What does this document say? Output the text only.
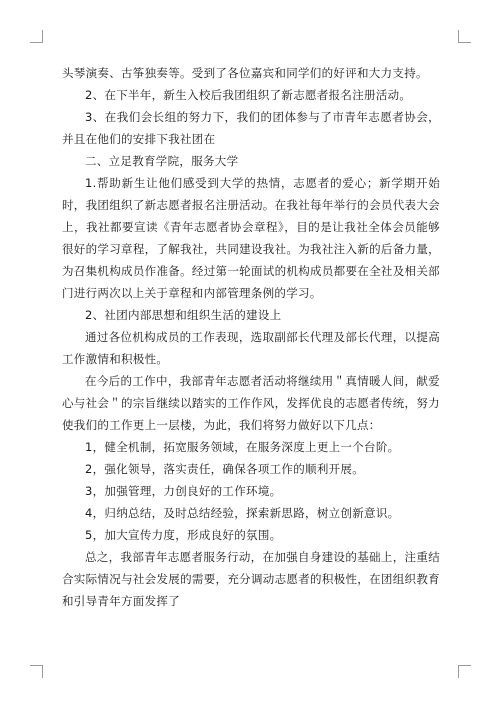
头琴演奏、古筝独奏等。受到了各位嘉宾和同学们的好评和大力支持。

2、在下半年，新生入校后我团组织了新志愿者报名注册活动。

3、在我们会长组的努力下，我们的团体参与了市青年志愿者协会，并且在他们的安排下我社团在

二、立足教育学院，服务大学

1.帮助新生让他们感受到大学的热情，志愿者的爱心；新学期开始时，我团组织了新志愿者报名注册活动。在我社每年举行的会员代表大会上，我社都要宣读《青年志愿者协会章程》，目的是让我社全体会员能够很好的学习章程，了解我社，共同建设我社。为我社注入新的后备力量，为召集机构成员作准备。经过第一轮面试的机构成员都要在全社及相关部门进行两次以上关于章程和内部管理条例的学习。

2、社团内部思想和组织生活的建设上

通过各位机构成员的工作表现，选取副部长代理及部长代理，以提高工作激情和积极性。

在今后的工作中，我部青年志愿者活动将继续用＂真情暖人间，献爱心与社会＂的宗旨继续以踏实的工作作风，发挥优良的志愿者传统，努力使我们的工作更上一层楼，为此，我们将努力做好以下几点：

1，健全机制，拓宽服务领域，在服务深度上更上一个台阶。

2，强化领导，落实责任，确保各项工作的顺利开展。

3，加强管理，力创良好的工作环境。

4，归纳总结，及时总结经验，探索新思路，树立创新意识。

5，加大宣传力度，形成良好的氛围。

总之，我部青年志愿者服务行动，在加强自身建设的基础上，注重结合实际情况与社会发展的需要，充分调动志愿者的积极性，在团组织教育和引导青年方面发挥了
